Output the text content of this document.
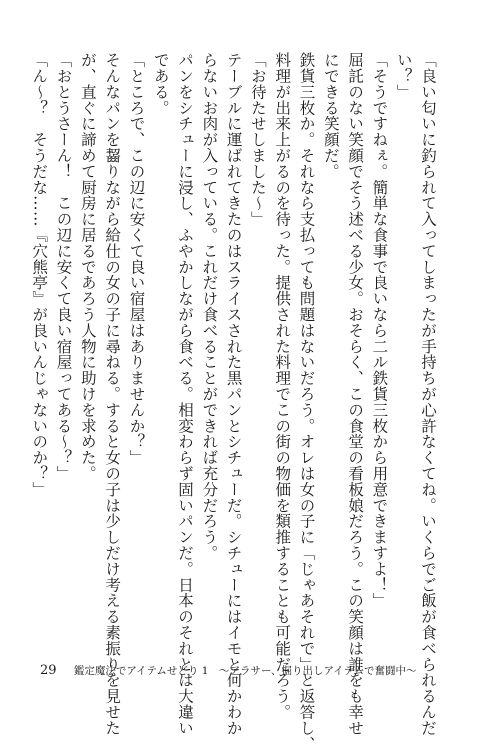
「良い匂いに釣られて入ってしまったが手持ちが心許なくてね。いくらでご飯が食べられるんだ
い？」
「そうですねぇ。簡単な食事で良いなら二ル鉄貨三枚から用意できますよ！」
屈託のない笑顔でそう述べる少女。おそらく、この食堂の看板娘だろう。この笑顔は誰をも幸せ
にできる笑顔だ。
鉄貨三枚か。それなら支払っても問題はないだろう。オレは女の子に「じゃあそれで」と返答し、
料理が出来上がるのを待った。提供された料理でこの街の物価を類推することも可能だろう。
「お待たせしました～」
テーブルに運ばれてきたのはスライスされた黒パンとシチューだ。シチューにはイモと何かわか
らないお肉が入っている。これだけ食べることができれば充分だろう。
パンをシチューに浸し、ふやかしながら食べる。相変わらず固いパンだ。日本のそれとは大違い
である。
「ところで、この辺に安くて良い宿屋はありませんか？」
そんなパンを齧りながら給仕の女の子に尋ねる。すると女の子は少しだけ考える素振りを見せた
が、直ぐに諦めて厨房に居るであろう人物に助けを求めた。
「おとうさーん！　この辺に安くて良い宿屋ってある～？」
「ん～？　そうだな……『穴熊亭』が良いんじゃないのか？」
29 鑑定魔法でアイテムせどり 1　～アラサー、掘り出しアイテムで奮闘中～
